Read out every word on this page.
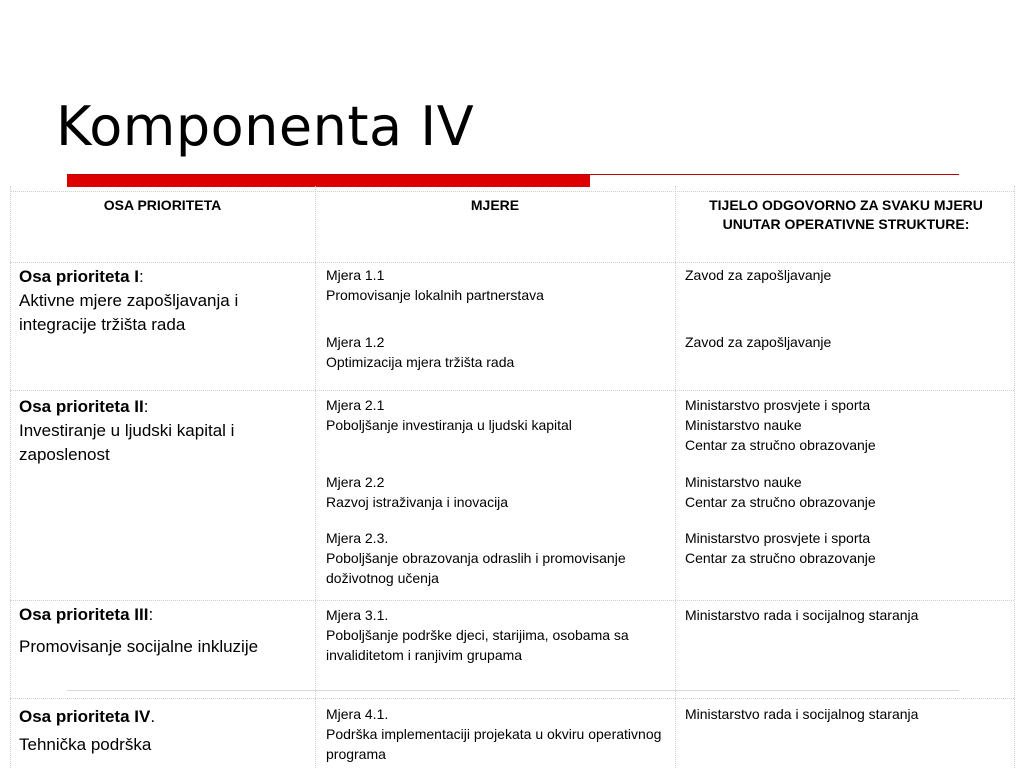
Komponenta IV
OSA PRIORITETA	MJERE	TIJELO ODGOVORNO ZA SVAKU MJERU UNUTAR OPERATIVNE STRUKTURE:
Osa prioriteta I:
Aktivne mjere zapošljavanja i integracije tržišta rada
Osa prioriteta II:
Investiranje u ljudski kapital i zaposlenost
Osa prioriteta III:
Promovisanje socijalne inkluzije
Osa prioriteta IV.
Tehnička podrška
Mjera 1.1
Promovisanje lokalnih partnerstava
Mjera 1.2
Optimizacija mjera tržišta rada
Mjera 2.1
Poboljšanje investiranja u ljudski kapital
Mjera 2.2
Razvoj istraživanja i inovacija
Mjera 2.3.
Poboljšanje obrazovanja odraslih i promovisanje doživotnog učenja
Mjera 3.1.
Poboljšanje podrške djeci, starijima, osobama sa invaliditetom i ranjivim grupama
Mjera 4.1.
Podrška implementaciji projekata u okviru operativnog programa
Zavod za zapošljavanje
Zavod za zapošljavanje
Ministarstvo prosvjete i sporta
Ministarstvo nauke
Centar za stručno obrazovanje
Ministarstvo nauke
Centar za stručno obrazovanje
Ministarstvo prosvjete i sporta
Centar za stručno obrazovanje
Ministarstvo rada i socijalnog staranja
Ministarstvo rada i socijalnog staranja
